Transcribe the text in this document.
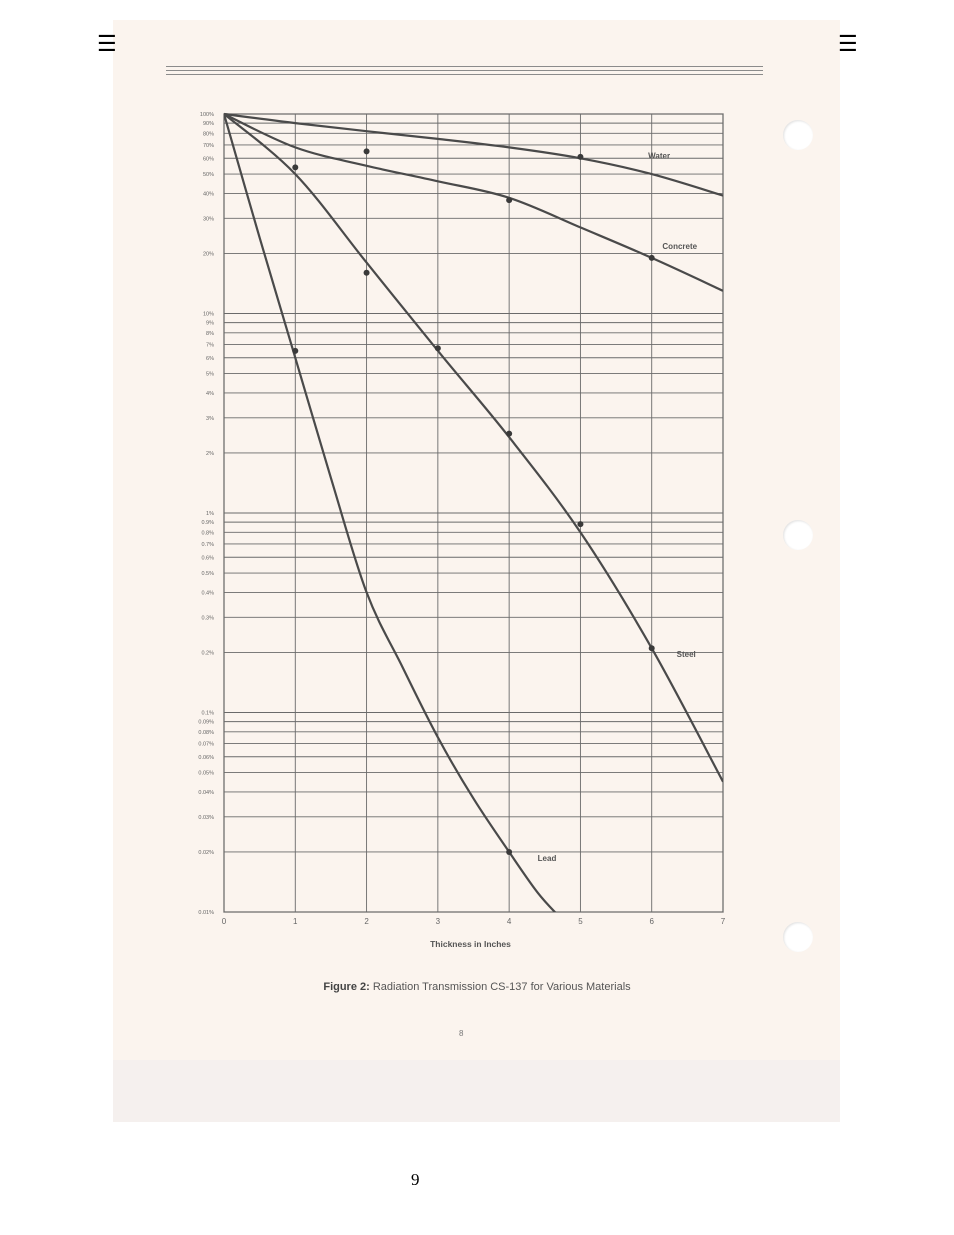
☰	☰
100%
90%
80%
70%
60%
50%
40%
30%
20%
10%
9%
8%
7%
6%
5%
4%
3%
2%
1%
0.9%
0.8%
0.7%
0.6%
0.5%
0.4%
0.3%
0.2%
0.1%
0.09%
0.08%
0.07%
0.06%
0.05%
0.04%
0.03%
0.02%
0.01%
0	1	2	3	4	5	6	7
Thickness in Inches
Water
Concrete
Steel
Lead
Figure 2: Radiation Transmission CS-137 for Various Materials
8
9
